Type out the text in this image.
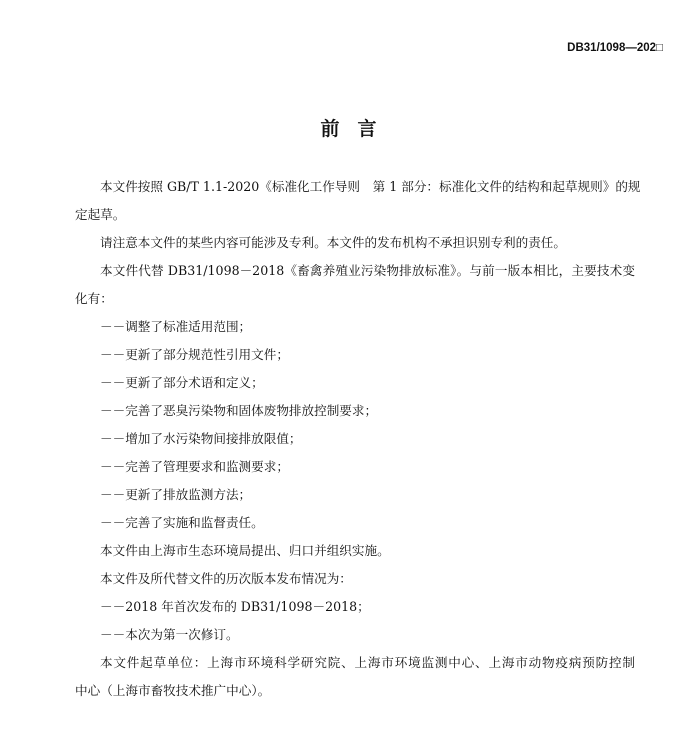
DB31/1098—202□
前言
本文件按照 GB/T 1.1-2020《标准化工作导则　第 1 部分：标准化文件的结构和起草规则》的规
定起草。
请注意本文件的某些内容可能涉及专利。本文件的发布机构不承担识别专利的责任。
本文件代替 DB31/1098－2018《畜禽养殖业污染物排放标准》。与前一版本相比，主要技术变
化有：
－－调整了标准适用范围；
－－更新了部分规范性引用文件；
－－更新了部分术语和定义；
－－完善了恶臭污染物和固体废物排放控制要求；
－－增加了水污染物间接排放限值；
－－完善了管理要求和监测要求；
－－更新了排放监测方法；
－－完善了实施和监督责任。
本文件由上海市生态环境局提出、归口并组织实施。
本文件及所代替文件的历次版本发布情况为：
－－2018 年首次发布的 DB31/1098－2018；
－－本次为第一次修订。
本文件起草单位：上海市环境科学研究院、上海市环境监测中心、上海市动物疫病预防控制
中心（上海市畜牧技术推广中心）。
